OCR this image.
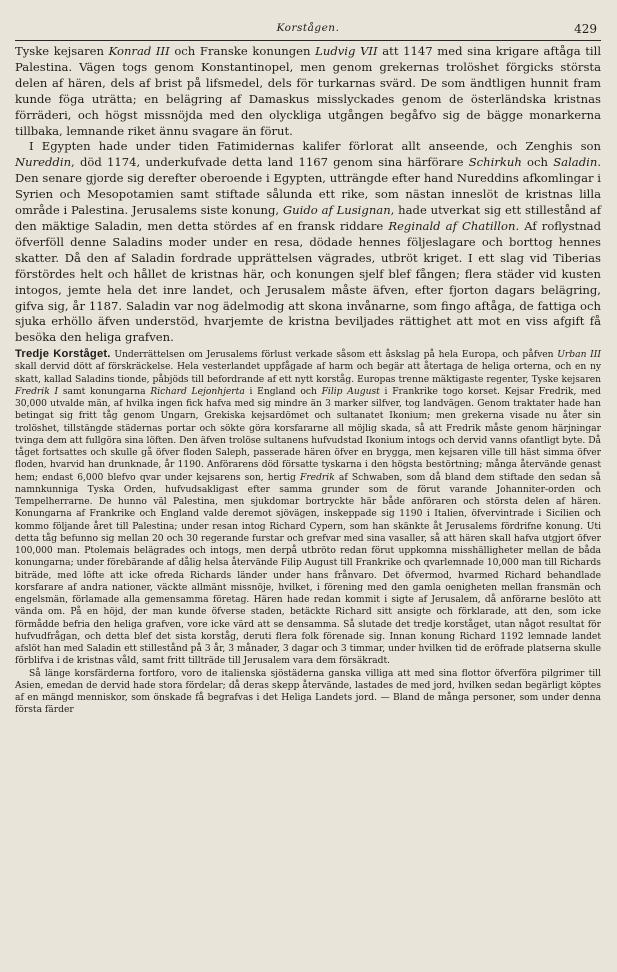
Korstågen.	429

Tyske kejsaren Konrad III och Franske konungen Ludvig VII att 1147 med sina krigare aftåga till Palestina. Vägen togs genom Konstantinopel, men genom grekernas trolöshet förgicks största delen af hären, dels af brist på lifsmedel, dels för turkarnas svärd. De som ändtligen hunnit fram kunde föga uträtta; en belägring af Damaskus misslyckades genom de österländska kristnas förräderi, och högst missnöjda med den olyckliga utgången begåfvo sig de bägge monarkerna tillbaka, lemnande riket ännu svagare än förut.

I Egypten hade under tiden Fatimidernas kalifer förlorat allt anseende, och Zenghis son Nureddin, död 1174, underkufvade detta land 1167 genom sina härförare Schirkuh och Saladin. Den senare gjorde sig derefter oberoende i Egypten, utträngde efter hand Nureddins afkomlingar i Syrien och Mesopotamien samt stiftade sålunda ett rike, som nästan inneslöt de kristnas lilla område i Palestina. Jerusalems siste konung, Guido af Lusignan, hade utverkat sig ett stillestånd af den mäktige Saladin, men detta stördes af en fransk riddare Reginald af Chatillon. Af roflystnad öfverföll denne Saladins moder under en resa, dödade hennes följeslagare och borttog hennes skatter. Då den af Saladin fordrade upprättelsen vägrades, utbröt kriget. I ett slag vid Tiberias förstördes helt och hållet de kristnas här, och konungen sjelf blef fången; flera städer vid kusten intogos, jemte hela det inre landet, och Jerusalem måste äfven, efter fjorton dagars belägring, gifva sig, år 1187. Saladin var nog ädelmodig att skona invånarne, som fingo aftåga, de fattiga och sjuka erhöllo äfven understöd, hvarjemte de kristna beviljades rättighet att mot en viss afgift få besöka den heliga grafven.

Tredje Korståget. Underrättelsen om Jerusalems förlust verkade såsom ett åskslag på hela Europa, och påfven Urban III skall dervid dött af förskräckelse. Hela vesterlandet uppfågade af harm och begär att återtaga de heliga orterna, och en ny skatt, kallad Saladins tionde, påbjöds till befordrande af ett nytt korståg. Europas trenne mäktigaste regenter, Tyske kejsaren Fredrik I samt konungarna Richard Lejonhjerta i England och Filip August i Frankrike togo korset. Kejsar Fredrik, med 30,000 utvalde män, af hvilka ingen fick hafva med sig mindre än 3 marker silfver, tog landvägen. Genom traktater hade han betingat sig fritt tåg genom Ungarn, Grekiska kejsardömet och sultanatet Ikonium; men grekerna visade nu åter sin trolöshet, tillstängde städernas portar och sökte göra korsfararne all möjlig skada, så att Fredrik måste genom härjningar tvinga dem att fullgöra sina löften. Den äfven trolöse sultanens hufvudstad Ikonium intogs och dervid vanns ofantligt byte. Då tåget fortsattes och skulle gå öfver floden Saleph, passerade hären öfver en brygga, men kejsaren ville till häst simma öfver floden, hvarvid han drunknade, år 1190. Anförarens död försatte tyskarna i den högsta bestörtning; många återvände genast hem; endast 6,000 blefvo qvar under kejsarens son, hertig Fredrik af Schwaben, som då bland dem stiftade den sedan så namnkunniga Tyska Orden, hufvudsakligast efter samma grunder som de förut varande Johanniter-orden och Tempelherrarne. De hunno väl Palestina, men sjukdomar bortryckte här både anföraren och största delen af hären. Konungarna af Frankrike och England valde deremot sjövägen, inskeppade sig 1190 i Italien, öfvervintrade i Sicilien och kommo följande året till Palestina; under resan intog Richard Cypern, som han skänkte åt Jerusalems fördrifne konung. Uti detta tåg befunno sig mellan 20 och 30 regerande furstar och grefvar med sina vasaller, så att hären skall hafva utgjort öfver 100,000 man. Ptolemais belägrades och intogs, men derpå utbröto redan förut uppkomna misshälligheter mellan de båda konungarna; under förebärande af dålig helsa återvände Filip August till Frankrike och qvarlemnade 10,000 man till Richards biträde, med löfte att icke ofreda Richards länder under hans frånvaro. Det öfvermod, hvarmed Richard behandlade korsfarare af andra nationer, väckte allmänt missnöje, hvilket, i förening med den gamla oenigheten mellan fransmän och engelsmän, förlamade alla gemensamma företag. Hären hade redan kommit i sigte af Jerusalem, då anförarne beslöto att vända om. På en höjd, der man kunde öfverse staden, betäckte Richard sitt ansigte och förklarade, att den, som icke förmådde befria den heliga grafven, vore icke värd att se densamma. Så slutade det tredje korståget, utan något resultat för hufvudfrågan, och detta blef det sista korståg, deruti flera folk förenade sig. Innan konung Richard 1192 lemnade landet afslöt han med Saladin ett stillestånd på 3 år, 3 månader, 3 dagar och 3 timmar, under hvilken tid de eröfrade platserna skulle förblifva i de kristnas våld, samt fritt tillträde till Jerusalem vara dem försäkradt.

Så länge korsfärderna fortforo, voro de italienska sjöstäderna ganska villiga att med sina flottor öfverföra pilgrimer till Asien, emedan de dervid hade stora fördelar; då deras skepp återvände, lastades de med jord, hvilken sedan begärligt köptes af en mängd menniskor, som önskade få begrafvas i det Heliga Landets jord. — Bland de många personer, som under denna första färder
